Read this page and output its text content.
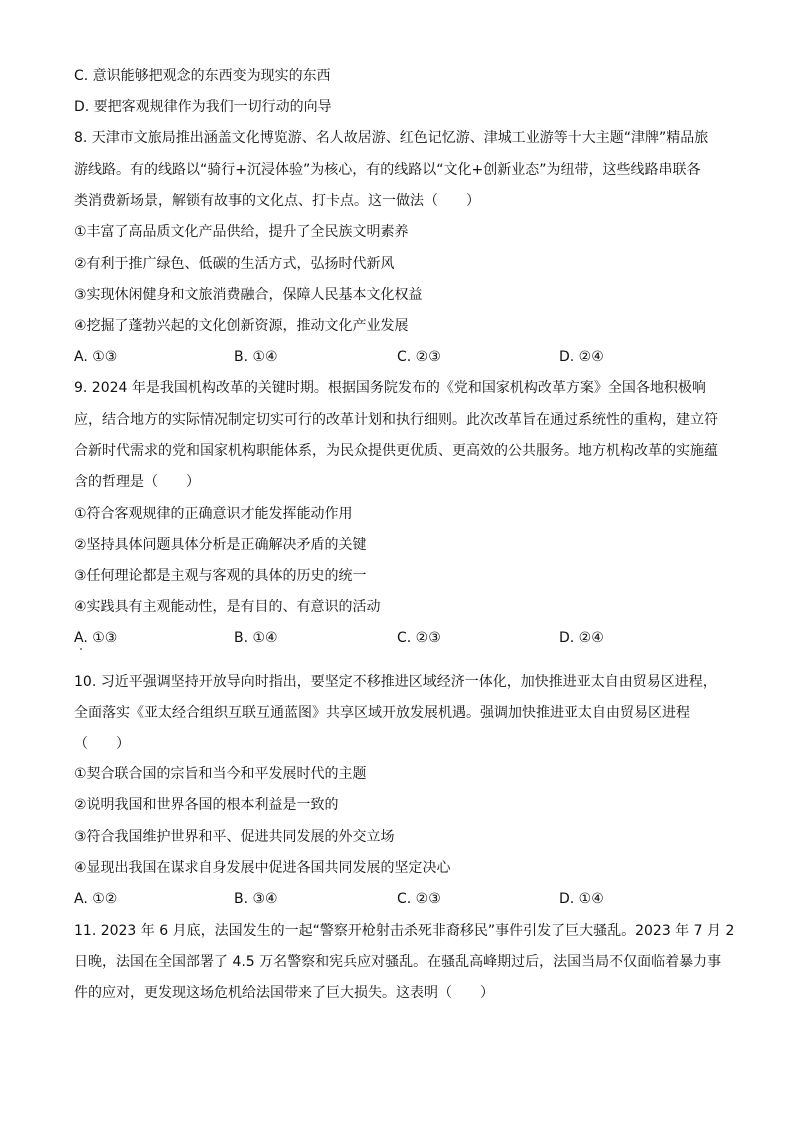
C. 意识能够把观念的东西变为现实的东西
D. 要把客观规律作为我们一切行动的向导
8. 天津市文旅局推出涵盖文化博览游、名人故居游、红色记忆游、津城工业游等十大主题“津牌”精品旅
游线路。有的线路以“骑行+沉浸体验”为核心，有的线路以“文化+创新业态”为纽带，这些线路串联各
类消费新场景，解锁有故事的文化点、打卡点。这一做法（　　）
①丰富了高品质文化产品供给，提升了全民族文明素养
②有利于推广绿色、低碳的生活方式，弘扬时代新风
③实现休闲健身和文旅消费融合，保障人民基本文化权益
④挖掘了蓬勃兴起的文化创新资源，推动文化产业发展
A. ①③	B. ①④	C. ②③	D. ②④
9. 2024 年是我国机构改革的关键时期。根据国务院发布的《党和国家机构改革方案》全国各地积极响
应，结合地方的实际情况制定切实可行的改革计划和执行细则。此次改革旨在通过系统性的重构，建立符
合新时代需求的党和国家机构职能体系，为民众提供更优质、更高效的公共服务。地方机构改革的实施蕴
含的哲理是（　　）
①符合客观规律的正确意识才能发挥能动作用
②坚持具体问题具体分析是正确解决矛盾的关键
③任何理论都是主观与客观的具体的历史的统一
④实践具有主观能动性，是有目的、有意识的活动
A. ①③	B. ①④	C. ②③	D. ②④
10. 习近平强调坚持开放导向时指出，要坚定不移推进区域经济一体化，加快推进亚太自由贸易区进程，
全面落实《亚太经合组织互联互通蓝图》共享区域开放发展机遇。强调加快推进亚太自由贸易区进程
（　　）
①契合联合国的宗旨和当今和平发展时代的主题
②说明我国和世界各国的根本利益是一致的
③符合我国维护世界和平、促进共同发展的外交立场
④显现出我国在谋求自身发展中促进各国共同发展的坚定决心
A. ①②	B. ③④	C. ②③	D. ①④
11. 2023 年 6 月底，法国发生的一起“警察开枪射击杀死非裔移民”事件引发了巨大骚乱。2023 年 7 月 2
日晚，法国在全国部署了 4.5 万名警察和宪兵应对骚乱。在骚乱高峰期过后，法国当局不仅面临着暴力事
件的应对，更发现这场危机给法国带来了巨大损失。这表明（　　）
